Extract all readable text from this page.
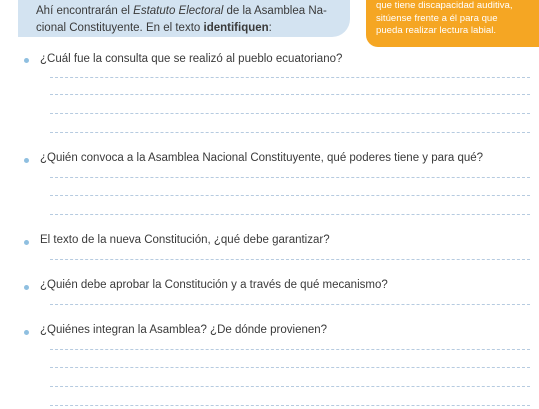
Ahí encontrarán el Estatuto Electoral de la Asamblea Na-
cional Constituyente. En el texto identifiquen:
que tiene discapacidad auditiva,
sitúense frente a él para que
pueda realizar lectura labial.
¿Cuál fue la consulta que se realizó al pueblo ecuatoriano?
¿Quién convoca a la Asamblea Nacional Constituyente, qué poderes tiene y para qué?
El texto de la nueva Constitución, ¿qué debe garantizar?
¿Quién debe aprobar la Constitución y a través de qué mecanismo?
¿Quiénes integran la Asamblea? ¿De dónde provienen?
